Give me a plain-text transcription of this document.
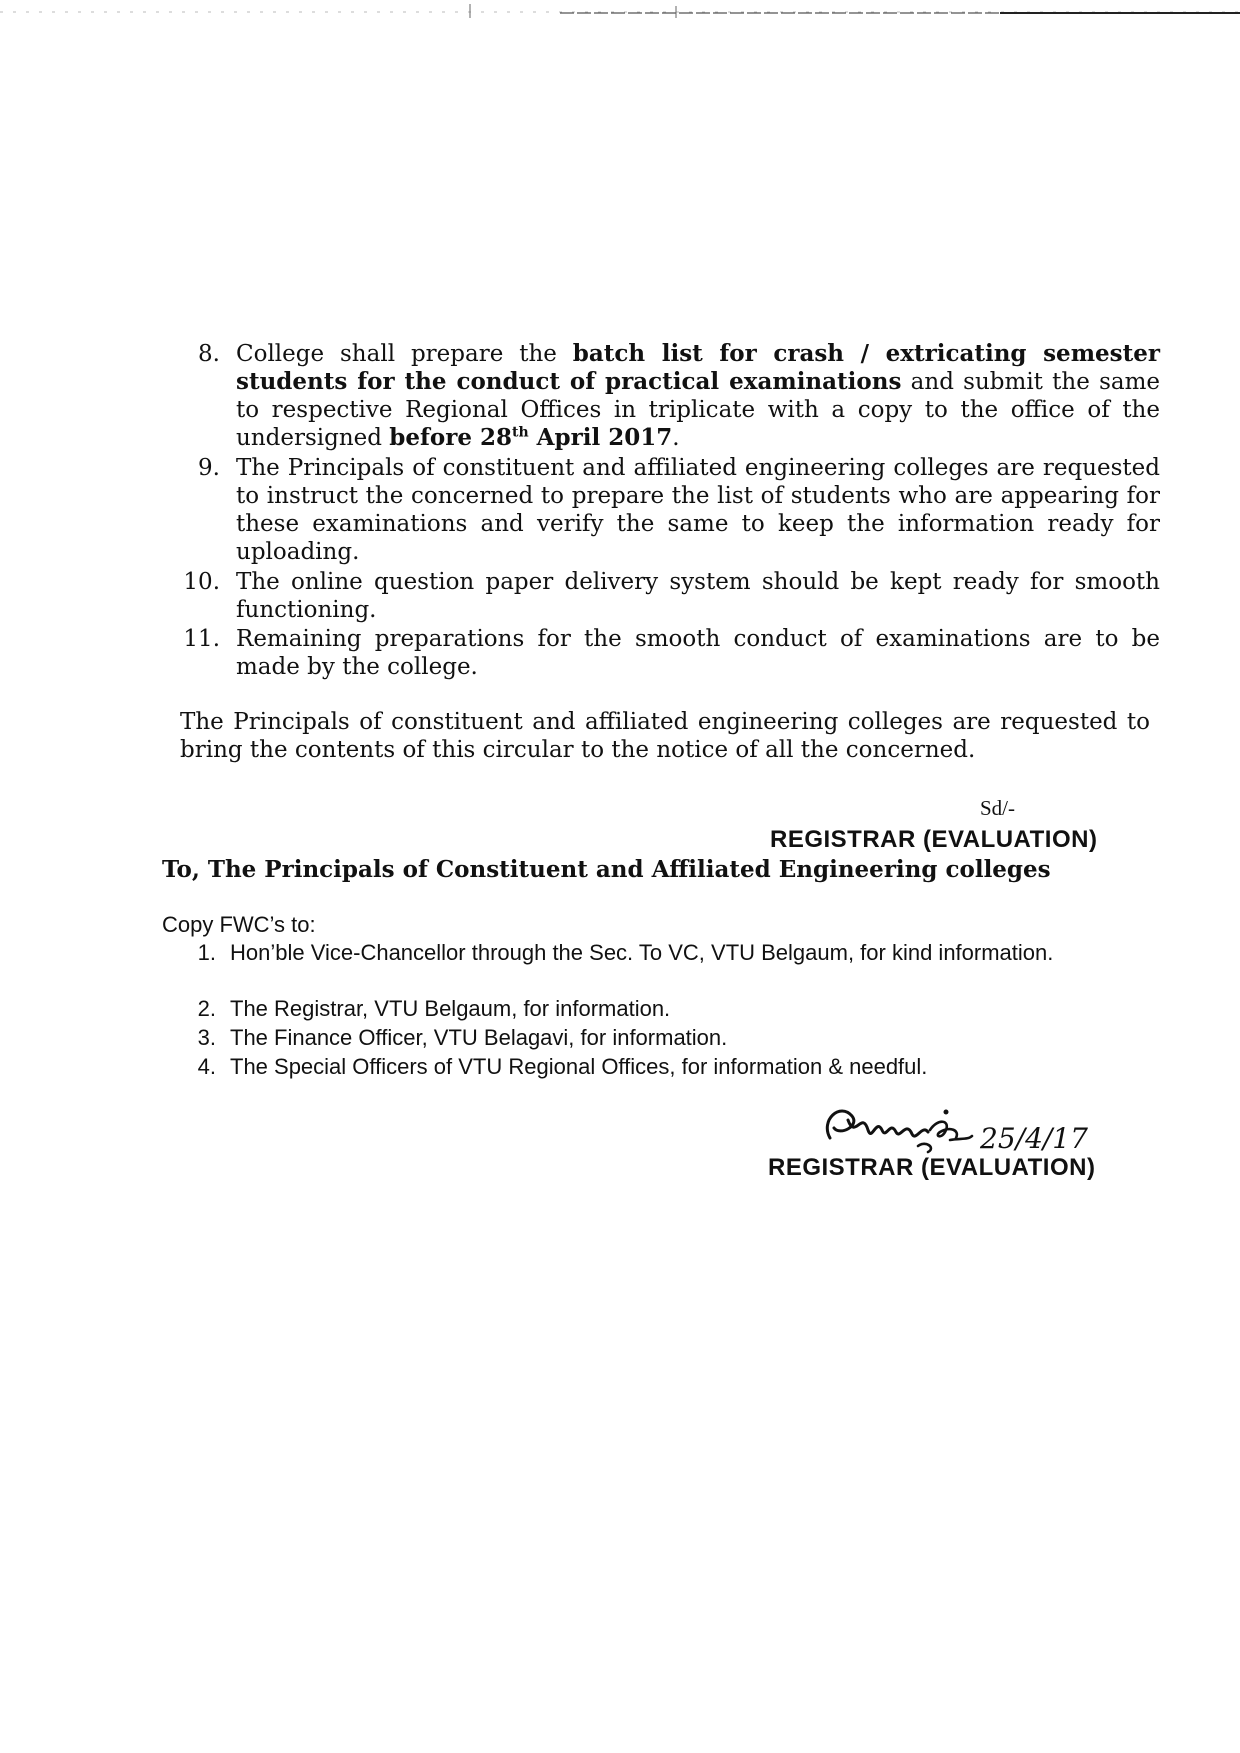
8. College shall prepare the batch list for crash / extricating semester students for the conduct of practical examinations and submit the same to respective Regional Offices in triplicate with a copy to the office of the undersigned before 28th April 2017.
9. The Principals of constituent and affiliated engineering colleges are requested to instruct the concerned to prepare the list of students who are appearing for these examinations and verify the same to keep the information ready for uploading.
10. The online question paper delivery system should be kept ready for smooth functioning.
11. Remaining preparations for the smooth conduct of examinations are to be made by the college.
The Principals of constituent and affiliated engineering colleges are requested to bring the contents of this circular to the notice of all the concerned.
Sd/-
REGISTRAR (EVALUATION)
To, The Principals of Constituent and Affiliated Engineering colleges
Copy FWC’s to:
1. Hon’ble Vice-Chancellor through the Sec. To VC, VTU Belgaum, for kind information.
2. The Registrar, VTU Belgaum, for information.
3. The Finance Officer, VTU Belagavi, for information.
4. The Special Officers of VTU Regional Offices, for information & needful.
25/4/17
REGISTRAR (EVALUATION)
